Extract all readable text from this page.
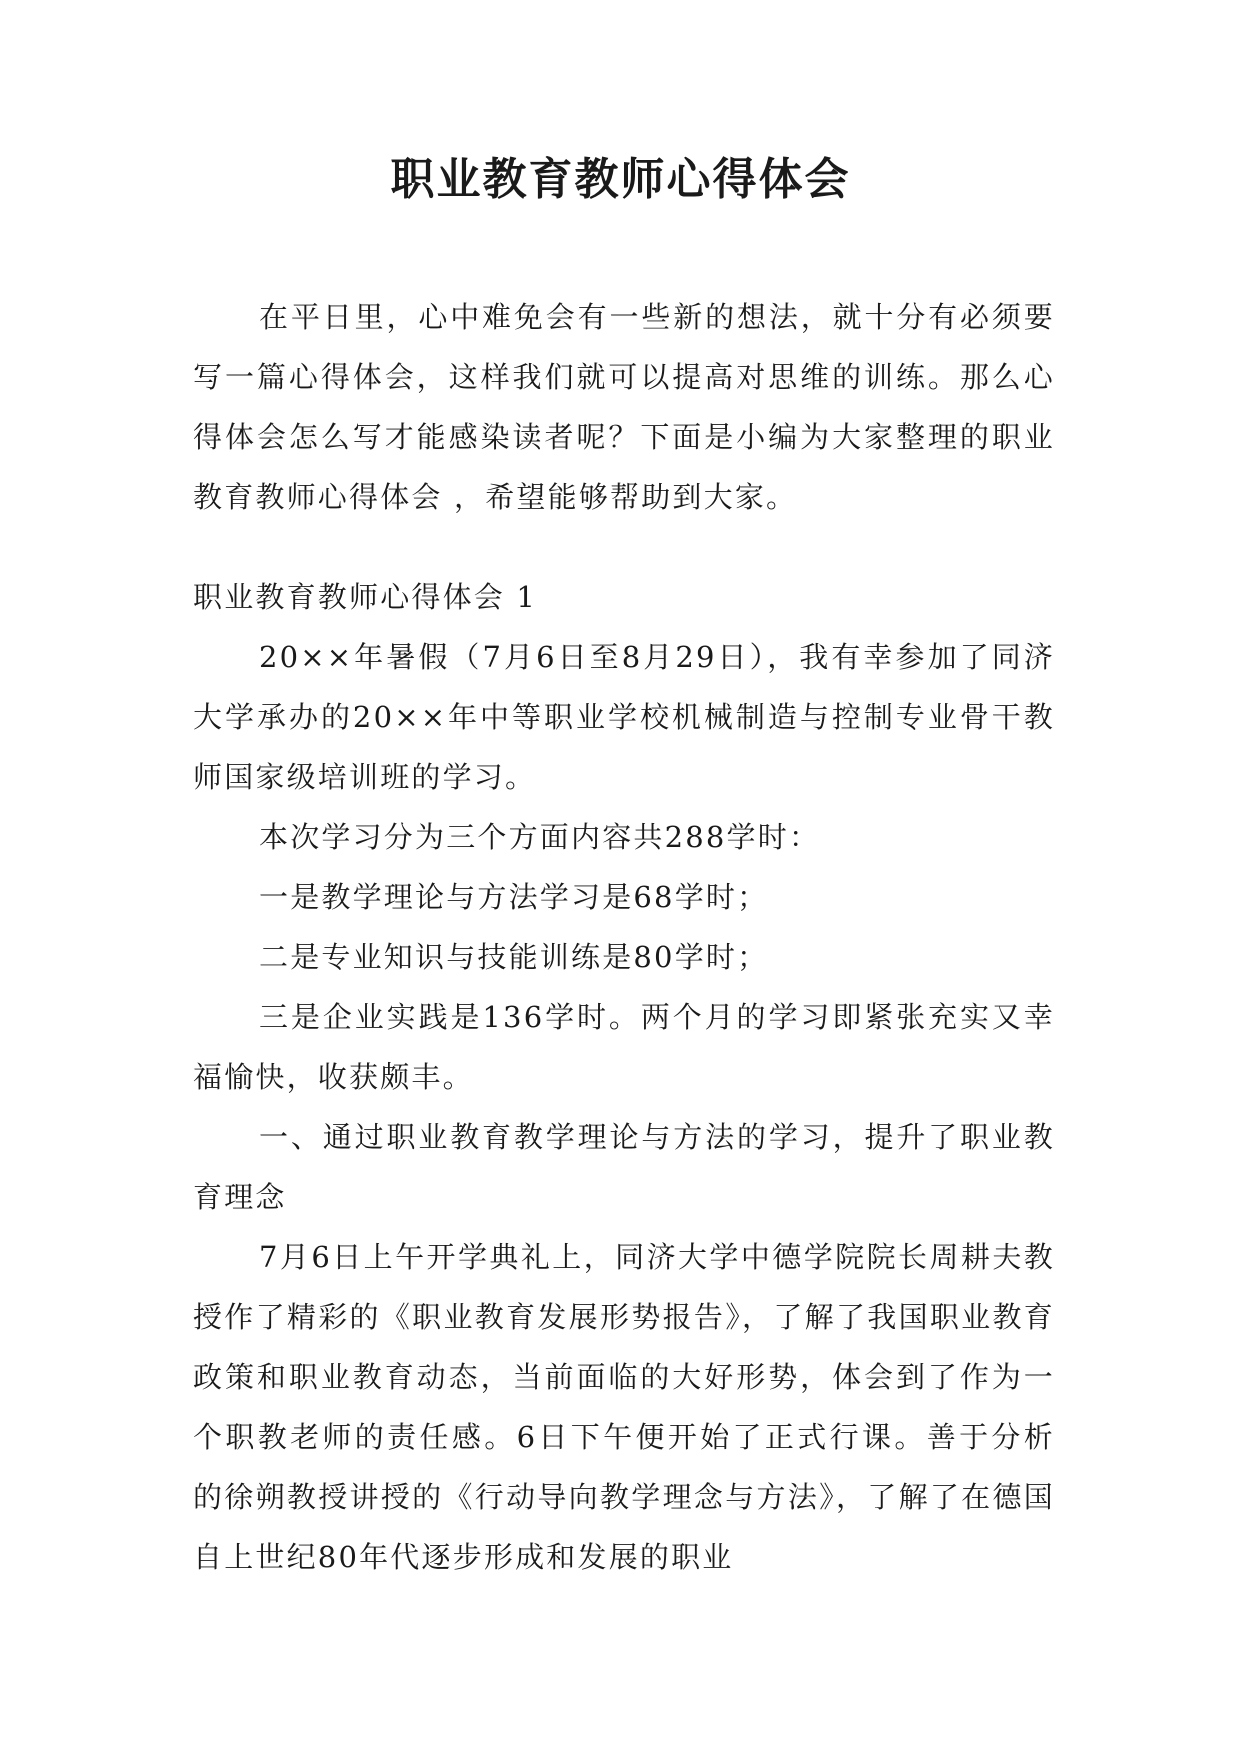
职业教育教师心得体会

在平日里，心中难免会有一些新的想法，就十分有必须要写一篇心得体会，这样我们就可以提高对思维的训练。那么心得体会怎么写才能感染读者呢？下面是小编为大家整理的职业教育教师心得体会 ，希望能够帮助到大家。

职业教育教师心得体会 1

20××年暑假（7月6日至8月29日），我有幸参加了同济大学承办的20××年中等职业学校机械制造与控制专业骨干教师国家级培训班的学习。

本次学习分为三个方面内容共288学时：

一是教学理论与方法学习是68学时；

二是专业知识与技能训练是80学时；

三是企业实践是136学时。两个月的学习即紧张充实又幸福愉快，收获颇丰。

一、通过职业教育教学理论与方法的学习，提升了职业教育理念

7月6日上午开学典礼上，同济大学中德学院院长周耕夫教授作了精彩的《职业教育发展形势报告》，了解了我国职业教育政策和职业教育动态，当前面临的大好形势，体会到了作为一个职教老师的责任感。6日下午便开始了正式行课。善于分析的徐朔教授讲授的《行动导向教学理念与方法》，了解了在德国自上世纪80年代逐步形成和发展的职业
